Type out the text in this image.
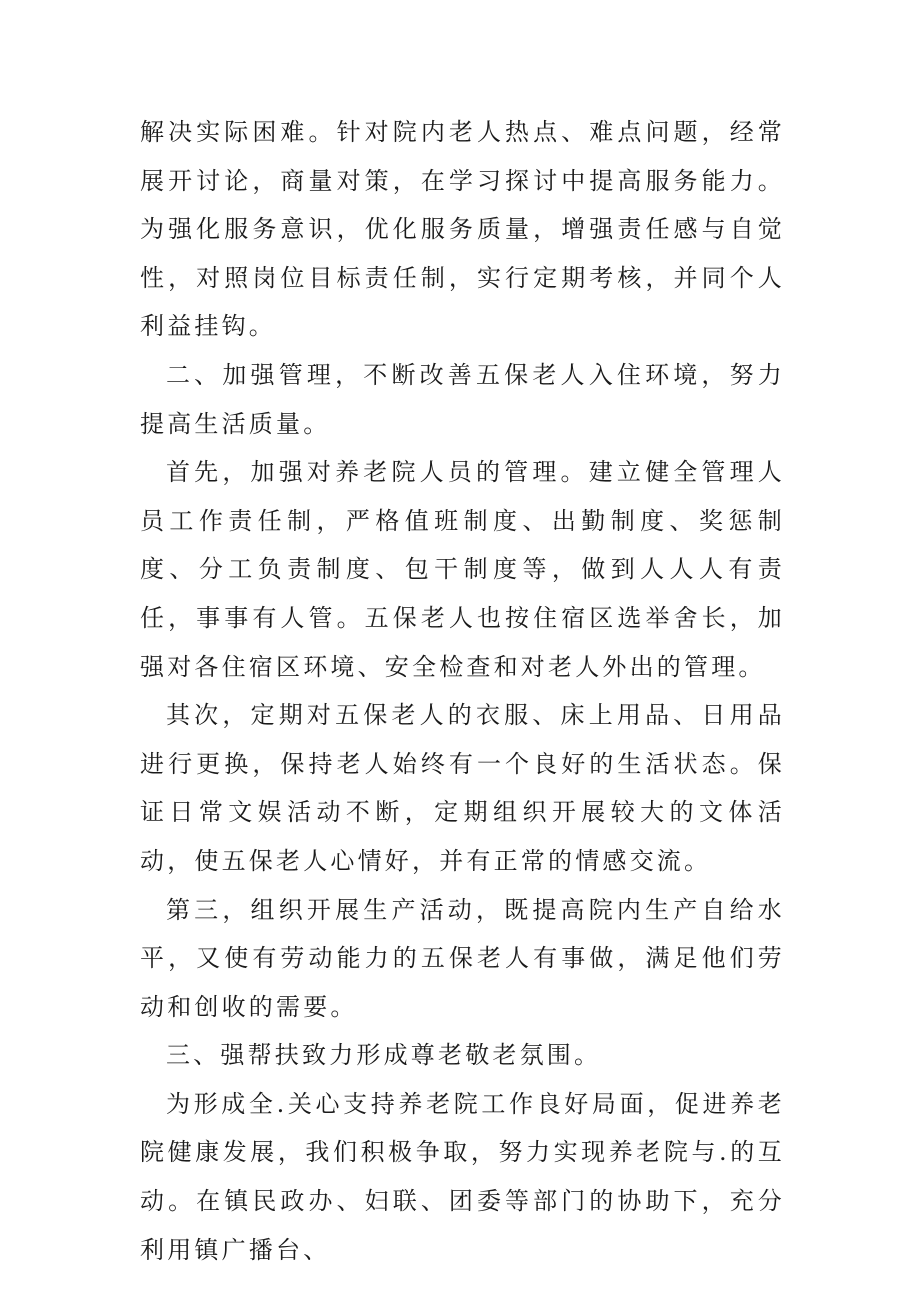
解决实际困难。针对院内老人热点、难点问题，经常展开讨论，商量对策，在学习探讨中提高服务能力。为强化服务意识，优化服务质量，增强责任感与自觉性，对照岗位目标责任制，实行定期考核，并同个人利益挂钩。

二、加强管理，不断改善五保老人入住环境，努力提高生活质量。

首先，加强对养老院人员的管理。建立健全管理人员工作责任制，严格值班制度、出勤制度、奖惩制度、分工负责制度、包干制度等，做到人人人有责任，事事有人管。五保老人也按住宿区选举舍长，加强对各住宿区环境、安全检查和对老人外出的管理。

其次，定期对五保老人的衣服、床上用品、日用品进行更换，保持老人始终有一个良好的生活状态。保证日常文娱活动不断，定期组织开展较大的文体活动，使五保老人心情好，并有正常的情感交流。

第三，组织开展生产活动，既提高院内生产自给水平，又使有劳动能力的五保老人有事做，满足他们劳动和创收的需要。

三、强帮扶致力形成尊老敬老氛围。

为形成全.关心支持养老院工作良好局面，促进养老院健康发展，我们积极争取，努力实现养老院与.的互动。在镇民政办、妇联、团委等部门的协助下，充分利用镇广播台、
